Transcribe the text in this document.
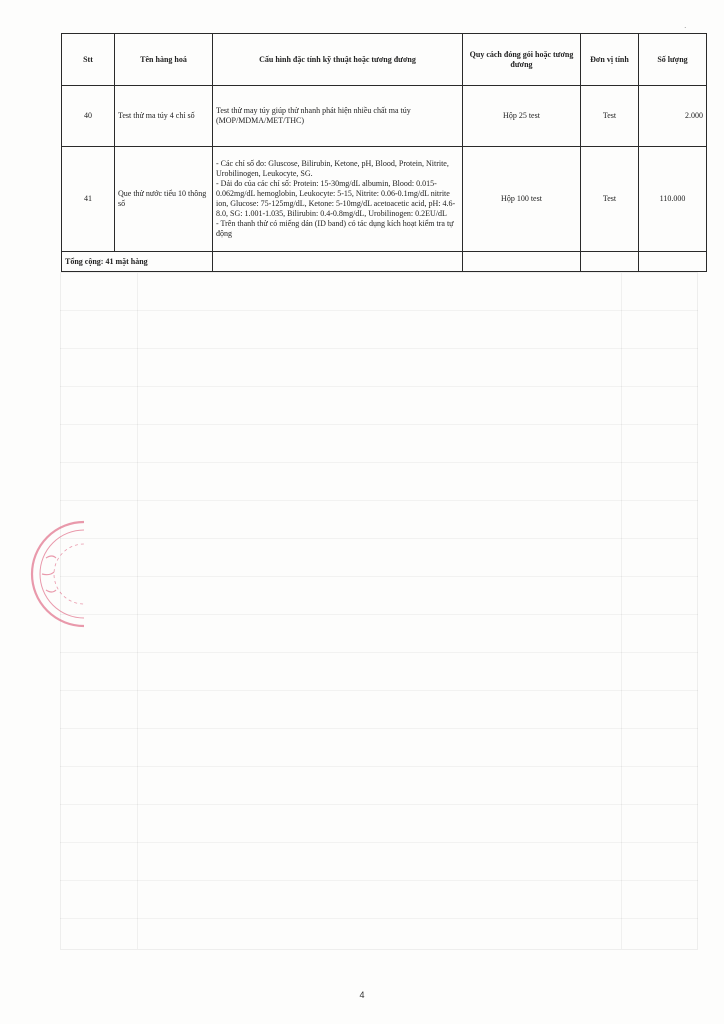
.
Stt	Tên hàng hoá	Cấu hình đặc tính kỹ thuật hoặc tương đương	Quy cách đóng gói hoặc tương đương	Đơn vị tính	Số lượng
40	Test thử ma túy 4 chỉ số	Test thử may túy giúp thử nhanh phát hiện nhiều chất ma túy (MOP/MDMA/MET/THC)	Hộp 25 test	Test	2.000
41	Que thử nước tiểu 10 thông số	- Các chỉ số đo: Gluscose, Bilirubin, Ketone, pH, Blood, Protein, Nitrite, Urobilinogen, Leukocyte, SG.
- Dải đo của các chỉ số: Protein: 15-30mg/dL albumin, Blood: 0.015-0.062mg/dL hemoglobin, Leukocyte: 5-15, Nitrite: 0.06-0.1mg/dL nitrite ion, Glucose: 75-125mg/dL, Ketone: 5-10mg/dL acetoacetic acid, pH: 4.6- 8.0, SG: 1.001-1.035, Bilirubin: 0.4-0.8mg/dL, Urobilinogen: 0.2EU/dL
- Trên thanh thử có miếng dán (ID band) có tác dụng kích hoạt kiểm tra tự động	Hộp 100 test	Test	110.000
Tổng cộng: 41 mặt hàng					
4
